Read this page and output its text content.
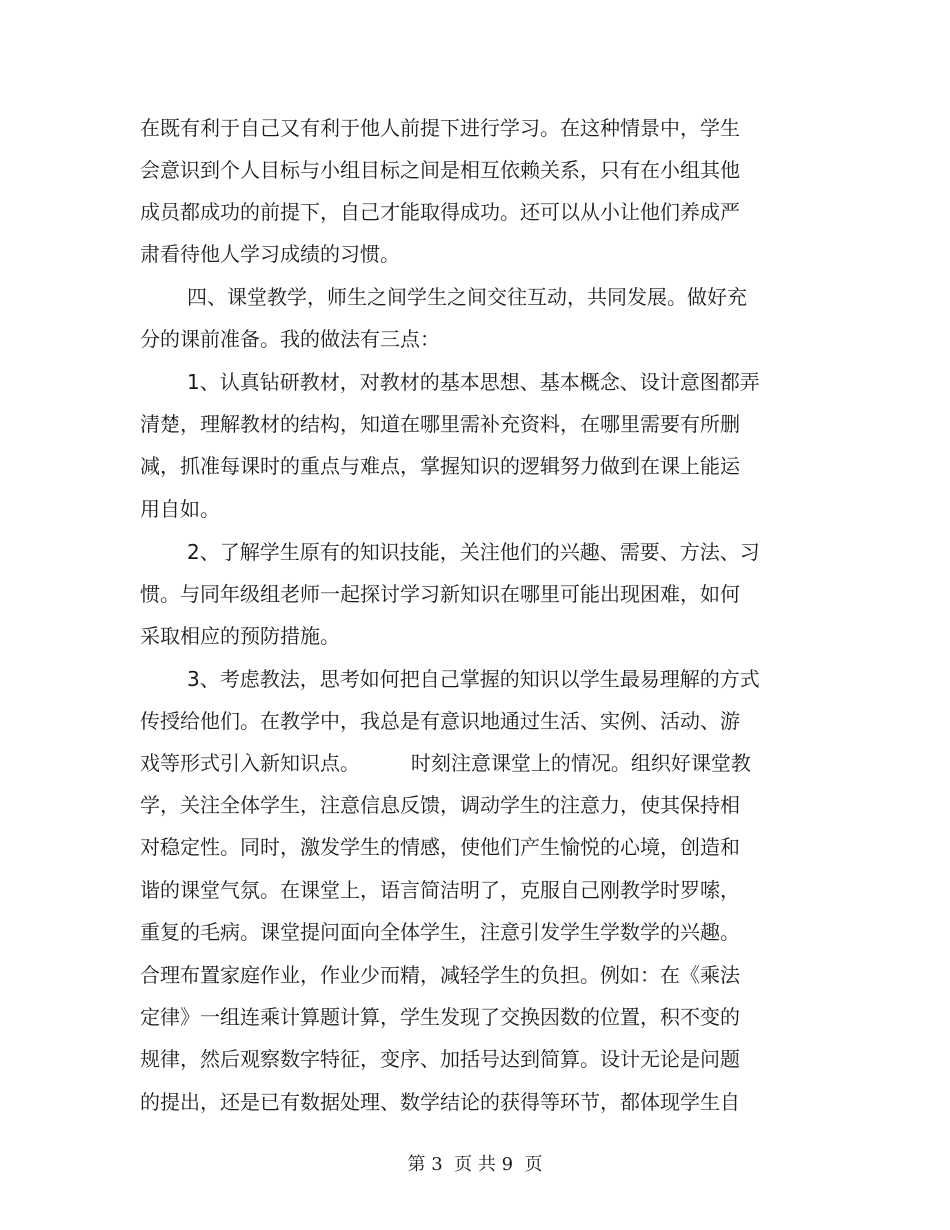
在既有利于自己又有利于他人前提下进行学习。在这种情景中，学生
会意识到个人目标与小组目标之间是相互依赖关系，只有在小组其他
成员都成功的前提下，自己才能取得成功。还可以从小让他们养成严
肃看待他人学习成绩的习惯。
四、课堂教学，师生之间学生之间交往互动，共同发展。做好充
分的课前准备。我的做法有三点：
1、认真钻研教材，对教材的基本思想、基本概念、设计意图都弄
清楚，理解教材的结构，知道在哪里需补充资料，在哪里需要有所删
减，抓准每课时的重点与难点，掌握知识的逻辑努力做到在课上能运
用自如。
2、了解学生原有的知识技能，关注他们的兴趣、需要、方法、习
惯。与同年级组老师一起探讨学习新知识在哪里可能出现困难，如何
采取相应的预防措施。
3、考虑教法，思考如何把自己掌握的知识以学生最易理解的方式
传授给他们。在教学中，我总是有意识地通过生活、实例、活动、游
戏等形式引入新知识点。        时刻注意课堂上的情况。组织好课堂教
学，关注全体学生，注意信息反馈，调动学生的注意力，使其保持相
对稳定性。同时，激发学生的情感，使他们产生愉悦的心境，创造和
谐的课堂气氛。在课堂上，语言简洁明了，克服自己刚教学时罗嗦，
重复的毛病。课堂提问面向全体学生，注意引发学生学数学的兴趣。
合理布置家庭作业，作业少而精，减轻学生的负担。例如：在《乘法
定律》一组连乘计算题计算，学生发现了交换因数的位置，积不变的
规律，然后观察数字特征，变序、加括号达到简算。设计无论是问题
的提出，还是已有数据处理、数学结论的获得等环节，都体现学生自
第 3  页 共 9  页
